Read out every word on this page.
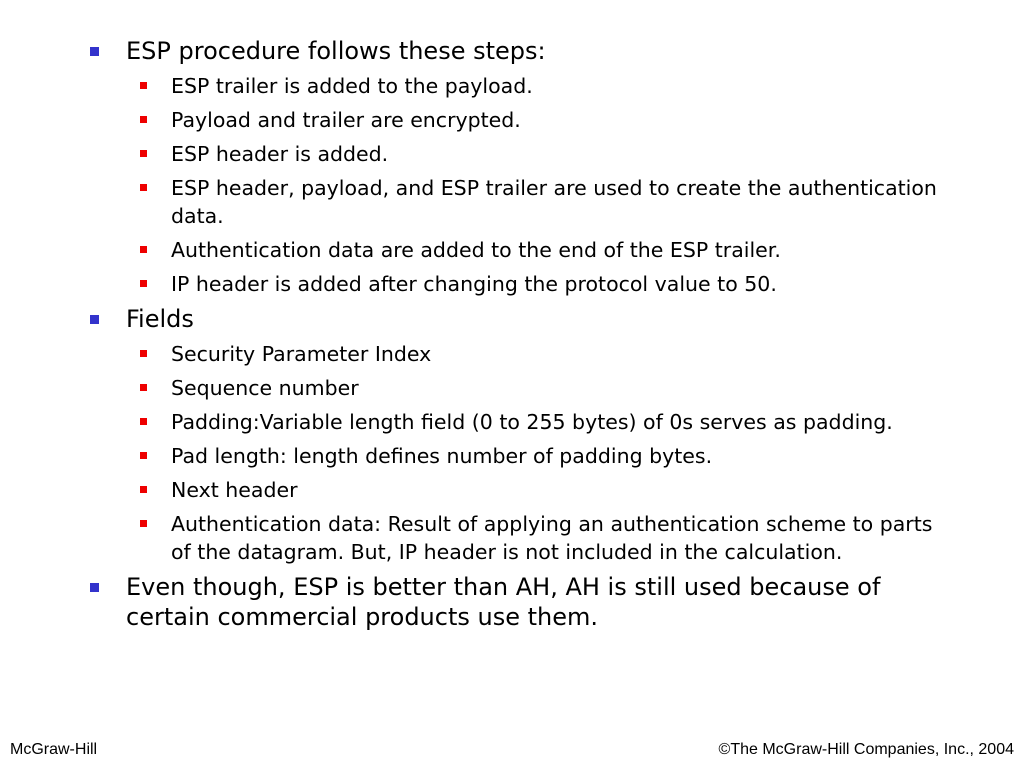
ESP procedure follows these steps:
ESP trailer is added to the payload.
Payload and trailer are encrypted.
ESP header is added.
ESP header, payload, and ESP trailer are used to create the authentication data.
Authentication data are added to the end of the ESP trailer.
IP header is added after changing the protocol value to 50.
Fields
Security Parameter Index
Sequence number
Padding:Variable length field (0 to 255 bytes) of 0s serves as padding.
Pad length: length defines number of padding bytes.
Next header
Authentication data: Result of applying an authentication scheme to parts of the datagram. But, IP header is not included in the calculation.
Even though, ESP is better than AH, AH is still used because of certain commercial products use them.
McGraw-Hill	©The McGraw-Hill Companies, Inc., 2004
